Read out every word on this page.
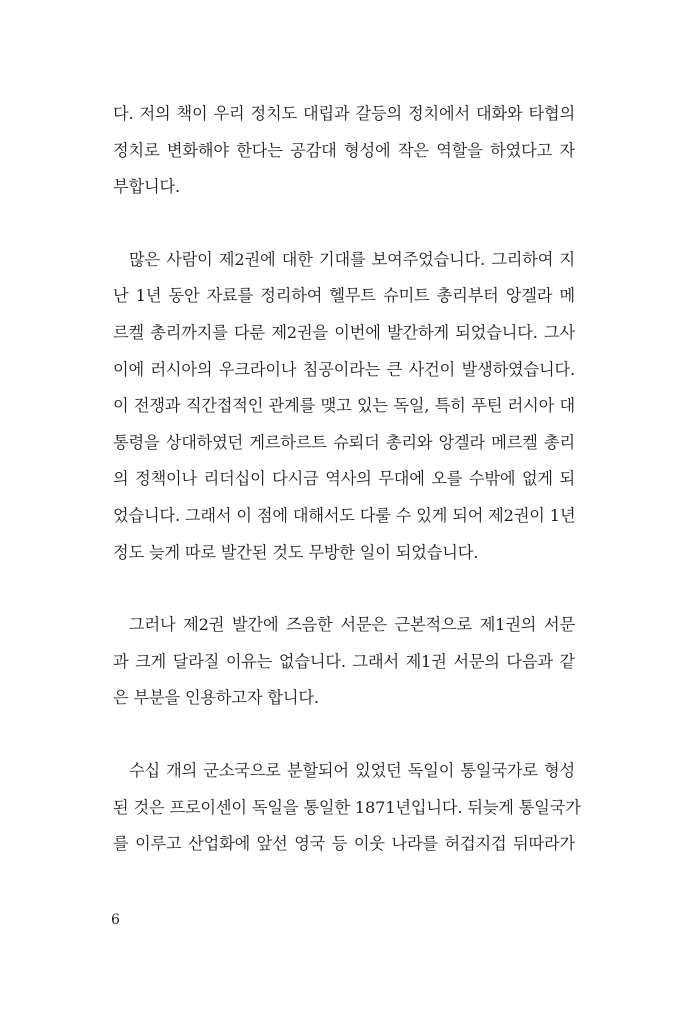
다. 저의 책이 우리 정치도 대립과 갈등의 정치에서 대화와 타협의
정치로 변화해야 한다는 공감대 형성에 작은 역할을 하였다고 자
부합니다.

많은 사람이 제2권에 대한 기대를 보여주었습니다. 그리하여 지
난 1년 동안 자료를 정리하여 헬무트 슈미트 총리부터 앙겔라 메
르켈 총리까지를 다룬 제2권을 이번에 발간하게 되었습니다. 그사
이에 러시아의 우크라이나 침공이라는 큰 사건이 발생하였습니다.
이 전쟁과 직간접적인 관계를 맺고 있는 독일, 특히 푸틴 러시아 대
통령을 상대하였던 게르하르트 슈뢰더 총리와 앙겔라 메르켈 총리
의 정책이나 리더십이 다시금 역사의 무대에 오를 수밖에 없게 되
었습니다. 그래서 이 점에 대해서도 다룰 수 있게 되어 제2권이 1년
정도 늦게 따로 발간된 것도 무방한 일이 되었습니다.

그러나 제2권 발간에 즈음한 서문은 근본적으로 제1권의 서문
과 크게 달라질 이유는 없습니다. 그래서 제1권 서문의 다음과 같
은 부분을 인용하고자 합니다.

수십 개의 군소국으로 분할되어 있었던 독일이 통일국가로 형성
된 것은 프로이센이 독일을 통일한 1871년입니다. 뒤늦게 통일국가
를 이루고 산업화에 앞선 영국 등 이웃 나라를 허겁지겁 뒤따라가

6
